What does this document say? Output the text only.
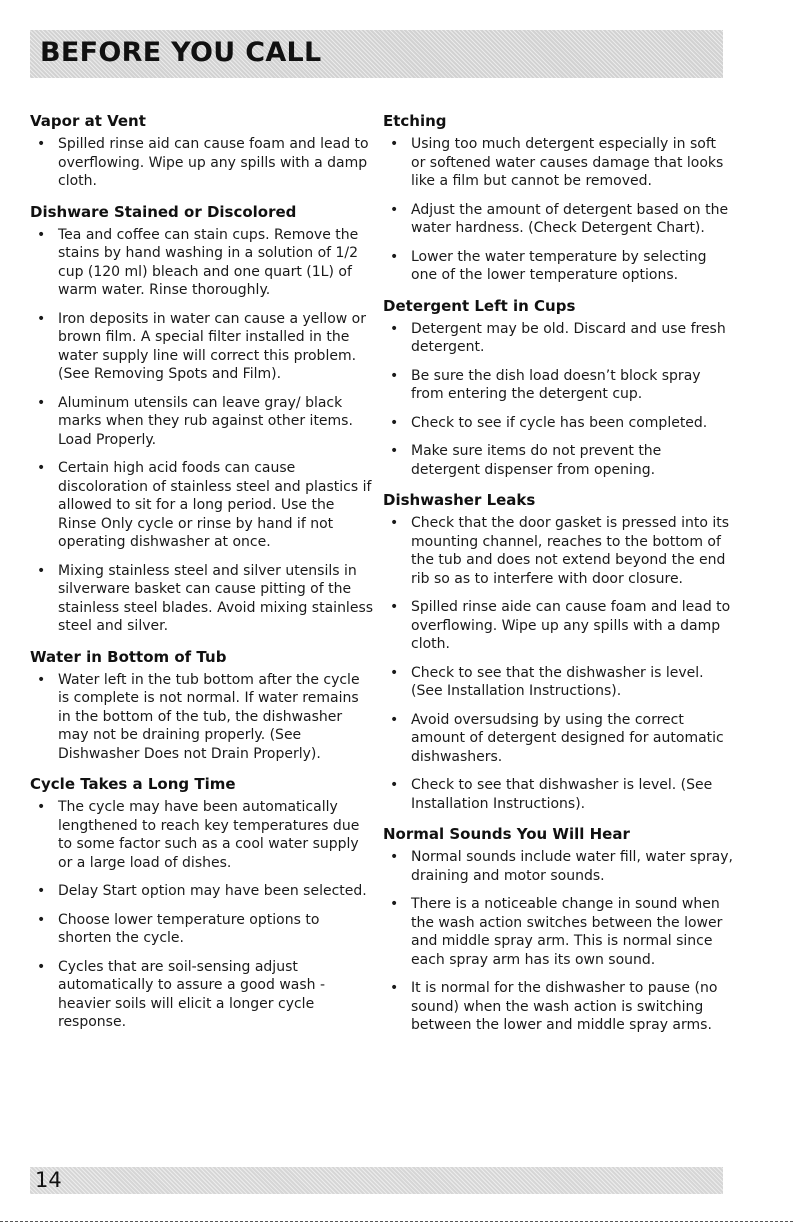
BEFORE YOU CALL
Vapor at Vent
• Spilled rinse aid can cause foam and lead to overflowing. Wipe up any spills with a damp cloth.
Dishware Stained or Discolored
• Tea and coffee can stain cups. Remove the stains by hand washing in a solution of 1/2 cup (120 ml) bleach and one quart (1L) of warm water. Rinse thoroughly.
• Iron deposits in water can cause a yellow or brown film. A special filter installed in the water supply line will correct this problem. (See Removing Spots and Film).
• Aluminum utensils can leave gray/ black marks when they rub against other items. Load Properly.
• Certain high acid foods can cause discoloration of stainless steel and plastics if allowed to sit for a long period. Use the Rinse Only cycle or rinse by hand if not operating dishwasher at once.
• Mixing stainless steel and silver utensils in silverware basket can cause pitting of the stainless steel blades. Avoid mixing stainless steel and silver.
Water in Bottom of Tub
• Water left in the tub bottom after the cycle is complete is not normal. If water remains in the bottom of the tub, the dishwasher may not be draining properly. (See Dishwasher Does not Drain Properly).
Cycle Takes a Long Time
• The cycle may have been automatically lengthened to reach key temperatures due to some factor such as a cool water supply or a large load of dishes.
• Delay Start option may have been selected.
• Choose lower temperature options to shorten the cycle.
• Cycles that are soil-sensing adjust automatically to assure a good wash - heavier soils will elicit a longer cycle response.
Etching
• Using too much detergent especially in soft or softened water causes damage that looks like a film but cannot be removed.
• Adjust the amount of detergent based on the water hardness. (Check Detergent Chart).
• Lower the water temperature by selecting one of the lower temperature options.
Detergent Left in Cups
• Detergent may be old. Discard and use fresh detergent.
• Be sure the dish load doesn’t block spray from entering the detergent cup.
• Check to see if cycle has been completed.
• Make sure items do not prevent the detergent dispenser from opening.
Dishwasher Leaks
• Check that the door gasket is pressed into its mounting channel, reaches to the bottom of the tub and does not extend beyond the end rib so as to interfere with door closure.
• Spilled rinse aide can cause foam and lead to overflowing. Wipe up any spills with a damp cloth.
• Check to see that the dishwasher is level. (See Installation Instructions).
• Avoid oversudsing by using the correct amount of detergent designed for automatic dishwashers.
• Check to see that dishwasher is level. (See Installation Instructions).
Normal Sounds You Will Hear
• Normal sounds include water fill, water spray, draining and motor sounds.
• There is a noticeable change in sound when the wash action switches between the lower and middle spray arm. This is normal since each spray arm has its own sound.
• It is normal for the dishwasher to pause (no sound) when the wash action is switching between the lower and middle spray arms.
14
